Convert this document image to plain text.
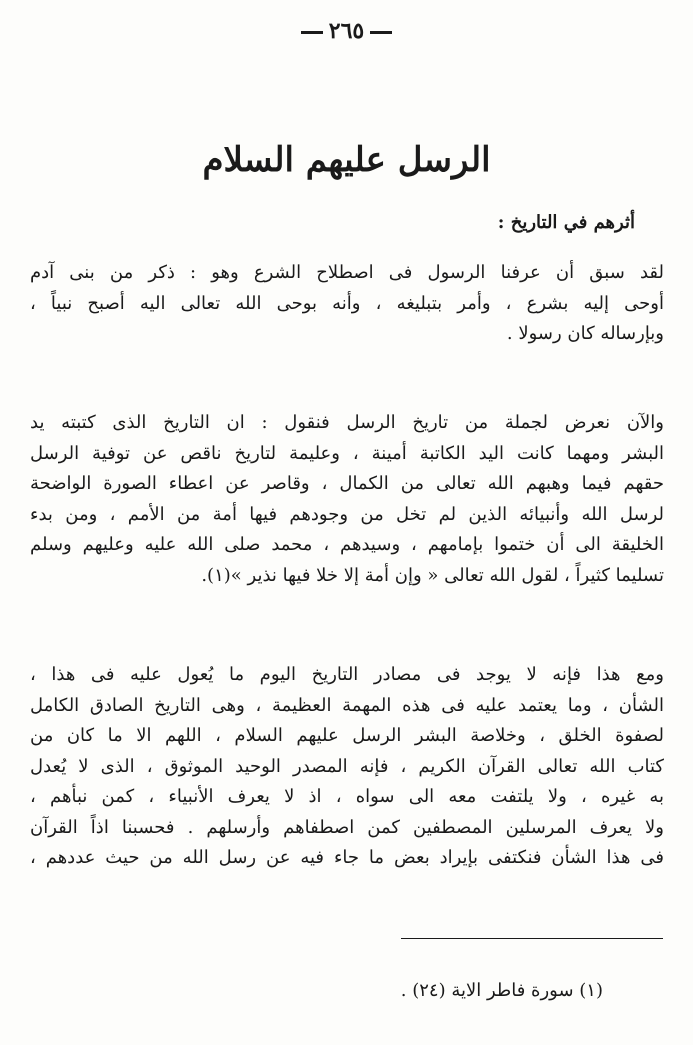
٢٦٥
الرسل عليهم السلام
أثرهم في التاريخ :
لقد سبق أن عرفنا الرسول فى اصطلاح الشرع وهو : ذكر من بنى آدم
أوحى إليه بشرع ، وأمر بتبليغه ، وأنه بوحى الله تعالى اليه أصبح نبياً ،
وبإرساله كان رسولا .
والآن نعرض لجملة من تاريخ الرسل فنقول : ان التاريخ الذى كتبته يد
البشر ومهما كانت اليد الكاتبة أمينة ، وعليمة لتاريخ ناقص عن توفية الرسل
حقهم فيما وهبهم الله تعالى من الكمال ، وقاصر عن اعطاء الصورة الواضحة
لرسل الله وأنبيائه الذين لم تخل من وجودهم فيها أمة من الأمم ، ومن بدء
الخليقة الى أن ختموا بإمامهم ، وسيدهم ، محمد صلى الله عليه وعليهم وسلم
تسليما كثيراً ، لقول الله تعالى « وإن أمة إلا خلا فيها نذير »(١).
ومع هذا فإنه لا يوجد فى مصادر التاريخ اليوم ما يُعول عليه فى هذا ،
الشأن ، وما يعتمد عليه فى هذه المهمة العظيمة ، وهى التاريخ الصادق الكامل
لصفوة الخلق ، وخلاصة البشر الرسل عليهم السلام ، اللهم الا ما كان من
كتاب الله تعالى القرآن الكريم ، فإنه المصدر الوحيد الموثوق ، الذى لا يُعدل
به غيره ، ولا يلتفت معه الى سواه ، اذ لا يعرف الأنبياء ، كمن نبأهم ،
ولا يعرف المرسلين المصطفين كمن اصطفاهم وأرسلهم . فحسبنا اذاً القرآن
فى هذا الشأن فنكتفى بإيراد بعض ما جاء فيه عن رسل الله من حيث عددهم ،
(١) سورة فاطر الاية (٢٤) .
